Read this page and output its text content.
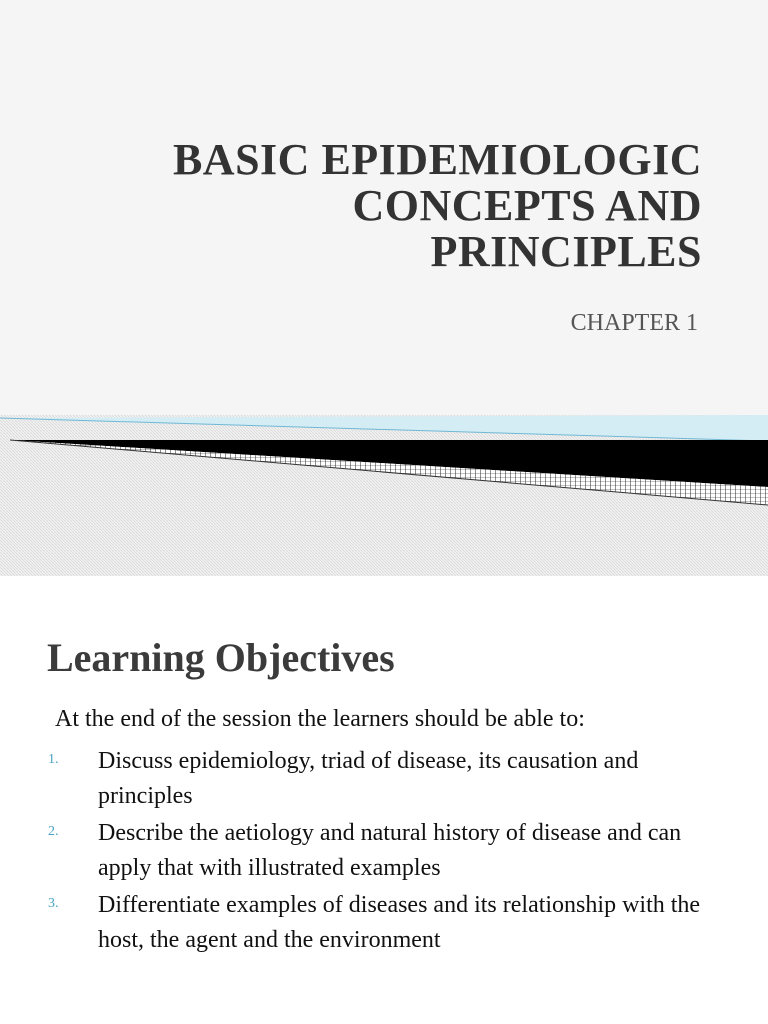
BASIC EPIDEMIOLOGIC
CONCEPTS AND
PRINCIPLES

CHAPTER 1

Learning Objectives

At the end of the session the learners should be able to:

1.	Discuss epidemiology, triad of disease, its causation and principles
2.	Describe the aetiology and natural history of disease and can apply that with illustrated examples
3.	Differentiate examples of diseases and its relationship with the host, the agent and the environment
